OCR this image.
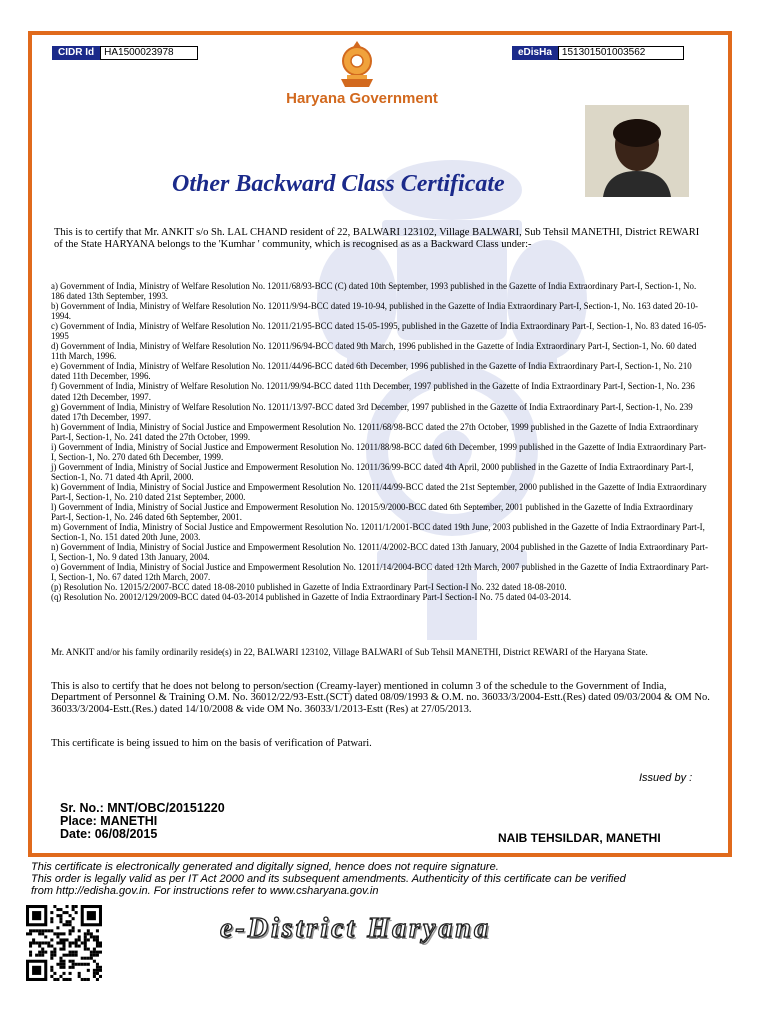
CIDR Id	HA1500023978	eDisHa	151301501003562
Haryana Government
Other Backward Class Certificate
This is to certify that Mr. ANKIT s/o Sh. LAL CHAND resident of 22, BALWARI 123102, Village BALWARI, Sub Tehsil MANETHI, District REWARI of the State HARYANA belongs to the 'Kumhar ' community, which is recognised as as a Backward Class under:-
a) Government of India, Ministry of Welfare Resolution No. 12011/68/93-BCC (C) dated 10th September, 1993 published in the Gazette of India Extraordinary Part-I, Section-1, No. 186 dated 13th September, 1993.
b) Government of India, Ministry of Welfare Resolution No. 12011/9/94-BCC dated 19-10-94, published in the Gazette of India Extraordinary Part-I, Section-1, No. 163 dated 20-10-1994.
c) Government of India, Ministry of Welfare Resolution No. 12011/21/95-BCC dated 15-05-1995, published in the Gazette of India Extraordinary Part-I, Section-1, No. 83 dated 16-05-1995
d) Government of India, Ministry of Welfare Resolution No. 12011/96/94-BCC dated 9th March, 1996 published in the Gazette of India Extraordinary Part-I, Section-1, No. 60 dated 11th March, 1996.
e) Government of India, Ministry of Welfare Resolution No. 12011/44/96-BCC dated 6th December, 1996 published in the Gazette of India Extraordinary Part-I, Section-1, No. 210 dated 11th December, 1996.
f) Government of India, Ministry of Welfare Resolution No. 12011/99/94-BCC dated 11th December, 1997 published in the Gazette of India Extraordinary Part-I, Section-1, No. 236 dated 12th December, 1997.
g) Government of India, Ministry of Welfare Resolution No. 12011/13/97-BCC dated 3rd December, 1997 published in the Gazette of India Extraordinary Part-I, Section-1, No. 239 dated 17th December, 1997.
h) Government of India, Ministry of Social Justice and Empowerment Resolution No. 12011/68/98-BCC dated the 27th October, 1999 published in the Gazette of India Extraordinary Part-I, Section-1, No. 241 dated the 27th October, 1999.
i) Government of India, Ministry of Social Justice and Empowerment Resolution No. 12011/88/98-BCC dated 6th December, 1999 published in the Gazette of India Extraordinary Part-I, Section-1, No. 270 dated 6th December, 1999.
j) Government of India, Ministry of Social Justice and Empowerment Resolution No. 12011/36/99-BCC dated 4th April, 2000 published in the Gazette of India Extraordinary Part-I, Section-1, No. 71 dated 4th April, 2000.
k) Government of India, Ministry of Social Justice and Empowerment Resolution No. 12011/44/99-BCC dated the 21st September, 2000 published in the Gazette of India Extraordinary Part-I, Section-1, No. 210 dated 21st September, 2000.
l) Government of India, Ministry of Social Justice and Empowerment Resolution No. 12015/9/2000-BCC dated 6th September, 2001 published in the Gazette of India Extraordinary Part-I, Section-1, No. 246 dated 6th September, 2001.
m) Government of India, Ministry of Social Justice and Empowerment Resolution No. 12011/1/2001-BCC dated 19th June, 2003 published in the Gazette of India Extraordinary Part-I, Section-1, No. 151 dated 20th June, 2003.
n) Government of India, Ministry of Social Justice and Empowerment Resolution No. 12011/4/2002-BCC dated 13th January, 2004 published in the Gazette of India Extraordinary Part-I, Section-1, No. 9 dated 13th January, 2004.
o) Government of India, Ministry of Social Justice and Empowerment Resolution No. 12011/14/2004-BCC dated 12th March, 2007 published in the Gazette of India Extraordinary Part-I, Section-1, No. 67 dated 12th March, 2007.
(p) Resolution No. 12015/2/2007-BCC dated 18-08-2010 published in Gazette of India Extraordinary Part-I Section-I No. 232 dated 18-08-2010.
(q) Resolution No. 20012/129/2009-BCC dated 04-03-2014 published in Gazette of India Extraordinary Part-I Section-I No. 75 dated 04-03-2014.
Mr. ANKIT and/or his family ordinarily reside(s) in 22, BALWARI 123102, Village BALWARI of Sub Tehsil MANETHI, District REWARI of the Haryana State.
This is also to certify that he does not belong to person/section (Creamy-layer) mentioned in column 3 of the schedule to the Government of India, Department of Personnel & Training O.M. No. 36012/22/93-Estt.(SCT) dated 08/09/1993 & O.M. no. 36033/3/2004-Estt.(Res) dated 09/03/2004 & OM No. 36033/3/2004-Estt.(Res.) dated 14/10/2008 & vide OM No. 36033/1/2013-Estt (Res) at 27/05/2013.
This certificate is being issued to him on the basis of verification of Patwari.
Issued by :
Sr. No.: MNT/OBC/20151220
Place: MANETHI
Date: 06/08/2015	NAIB TEHSILDAR, MANETHI
This certificate is electronically generated and digitally signed, hence does not require signature.
This order is legally valid as per IT Act 2000 and its subsequent amendments. Authenticity of this certificate can be verified
from http://edisha.gov.in. For instructions refer to www.csharyana.gov.in
e-District Haryana
